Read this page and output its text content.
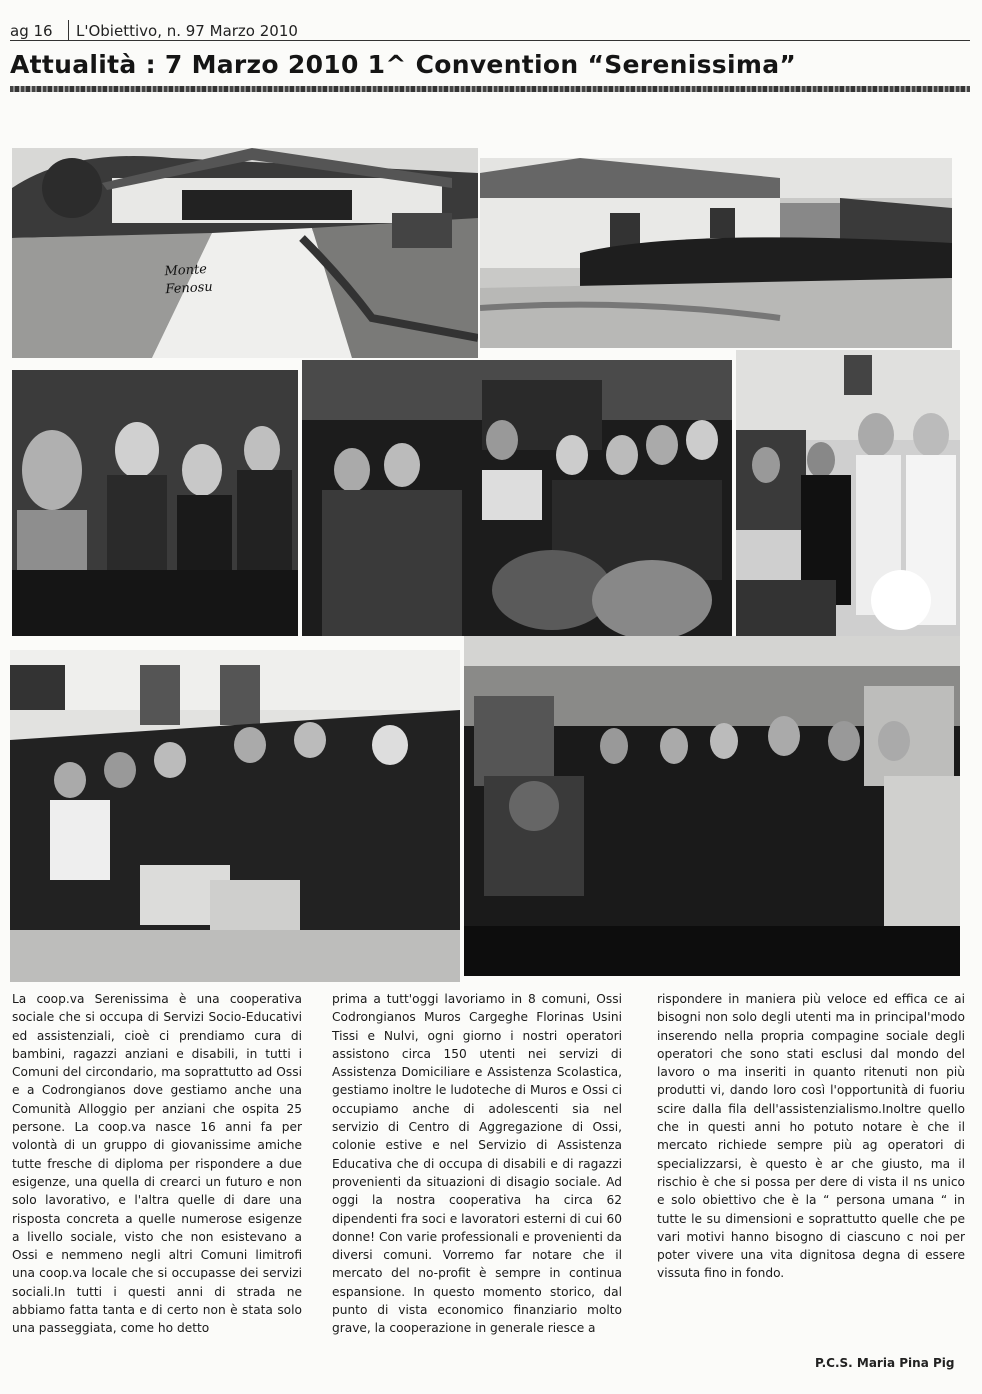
ag 16 L'Obiettivo, n. 97 Marzo 2010
Attualità : 7 Marzo 2010 1^ Convention “Serenissima”
Monte
Fenosu

La coop.va Serenissima è una cooperativa sociale che si occupa di Servizi Socio-Educativi ed assistenziali, cioè ci prendiamo cura di bambini, ragazzi anziani e disabili, in tutti i Comuni del circondario, ma soprattutto ad Ossi e a Codrongianos dove gestiamo anche una Comunità Alloggio per anziani che ospita 25 persone. La coop.va nasce 16 anni fa per volontà di un gruppo di giovanissime amiche tutte fresche di diploma per rispondere a due esigenze, una quella di crearci un futuro e non solo lavorativo, e l'altra quelle di dare una risposta concreta a quelle numerose esigenze a livello sociale, visto che non esistevano a Ossi e nemmeno negli altri Comuni limitrofi una coop.va locale che si occupasse dei servizi sociali.In tutti i questi anni di strada ne abbiamo fatta tanta e di certo non è stata solo una passeggiata, come ho detto

prima a tutt'oggi lavoriamo in 8 comuni, Ossi Codrongianos Muros Cargeghe Florinas Usini Tissi e Nulvi, ogni giorno i nostri operatori assistono circa 150 utenti nei servizi di Assistenza Domiciliare e Assistenza Scolastica, gestiamo inoltre le ludoteche di Muros e Ossi ci occupiamo anche di adolescenti sia nel servizio di Centro di Aggregazione di Ossi, colonie estive e nel Servizio di Assistenza Educativa che di occupa di disabili e di ragazzi provenienti da situazioni di disagio sociale. Ad oggi la nostra cooperativa ha circa 62 dipendenti fra soci e lavoratori esterni di cui 60 donne! Con varie professionali e provenienti da diversi comuni. Vorremo far notare che il mercato del no-profit è sempre in continua espansione. In questo momento storico, dal punto di vista economico finanziario molto grave, la cooperazione in generale riesce a

rispondere in maniera più veloce ed effica ce ai bisogni non solo degli utenti ma in principal'modo inserendo nella propria compagine sociale degli operatori che sono stati esclusi dal mondo del lavoro o ma inseriti in quanto ritenuti non più produtti vi, dando loro così l'opportunità di fuoriu scire dalla fila dell'assistenzialismo.Inoltre quello che in questi anni ho potuto notare è che il mercato richiede sempre più ag operatori di specializzarsi, è questo è ar che giusto, ma il rischio è che si possa per dere di vista il ns unico e solo obiettivo che è la “ persona umana “ in tutte le su dimensioni e soprattutto quelle che pe vari motivi hanno bisogno di ciascuno c noi per poter vivere una vita dignitosa degna di essere vissuta fino in fondo.

P.C.S. Maria Pina Pig
